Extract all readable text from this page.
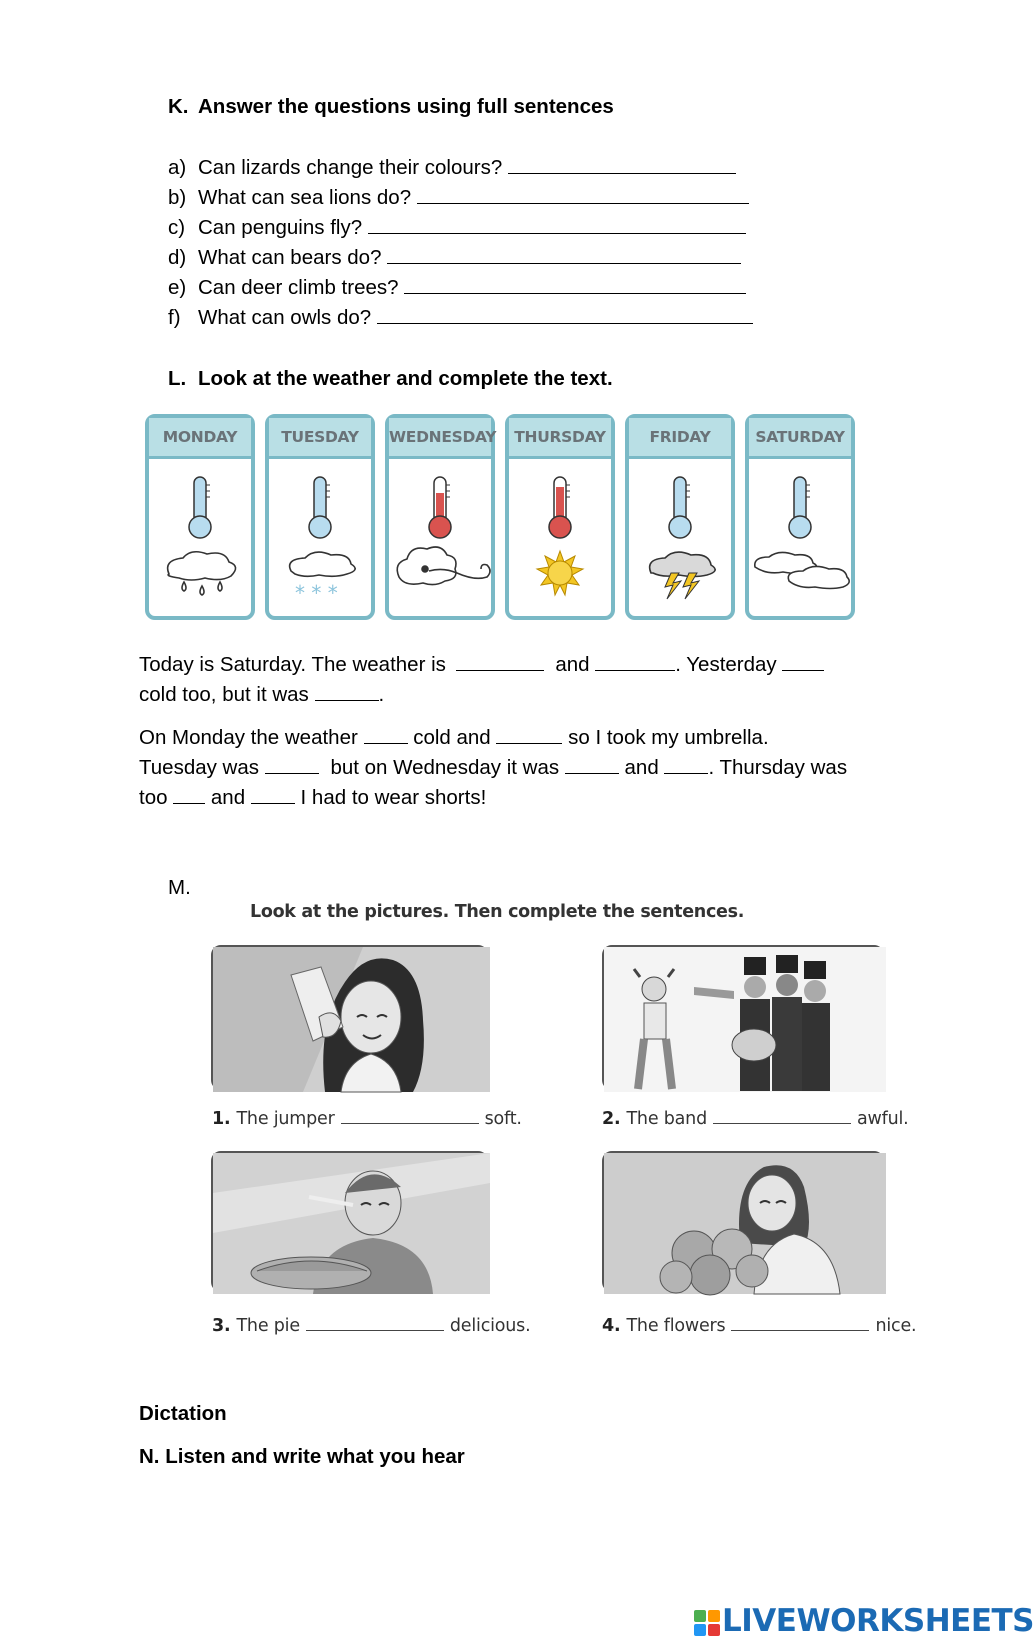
K. Answer the questions using full sentences
a) Can lizards change their colours?
b) What can sea lions do?
c) Can penguins fly?
d) What can bears do?
e) Can deer climb trees?
f) What can owls do?
L. Look at the weather and complete the text.
MONDAY	TUESDAY
* * *
WEDNESDAY	THURSDAY	FRIDAY	SATURDAY
Today is Saturday. The weather is	and	. Yesterday
cold too, but it was	.
On Monday the weather	cold and	so I took my umbrella.
Tuesday was	but on Wednesday it was	and . Thursday was
too and	I had to wear shorts!
M.
Look at the pictures. Then complete the sentences.
1. The jumper	soft.	2. The band	awful.
3. The pie	delicious.	4. The flowers	nice.
Dictation
N. Listen and write what you hear
LIVEWORKSHEETS
